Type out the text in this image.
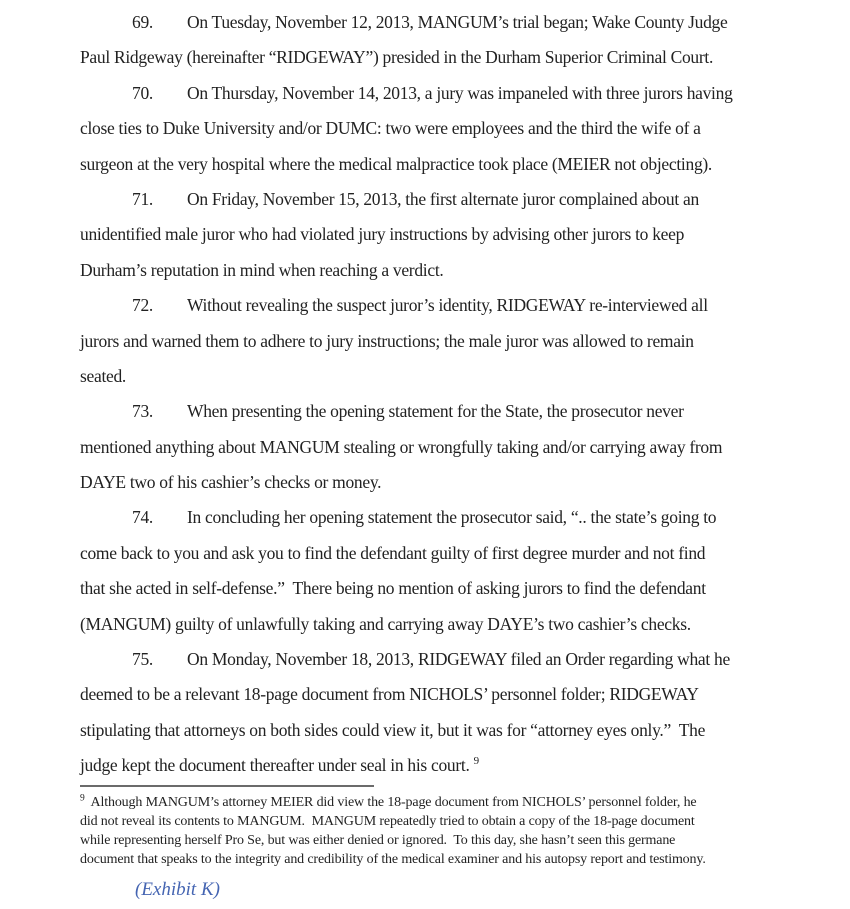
69. On Tuesday, November 12, 2013, MANGUM’s trial began; Wake County Judge
Paul Ridgeway (hereinafter “RIDGEWAY”) presided in the Durham Superior Criminal Court.
70. On Thursday, November 14, 2013, a jury was impaneled with three jurors having
close ties to Duke University and/or DUMC: two were employees and the third the wife of a
surgeon at the very hospital where the medical malpractice took place (MEIER not objecting).
71. On Friday, November 15, 2013, the first alternate juror complained about an
unidentified male juror who had violated jury instructions by advising other jurors to keep
Durham’s reputation in mind when reaching a verdict.
72. Without revealing the suspect juror’s identity, RIDGEWAY re-interviewed all
jurors and warned them to adhere to jury instructions; the male juror was allowed to remain
seated.
73. When presenting the opening statement for the State, the prosecutor never
mentioned anything about MANGUM stealing or wrongfully taking and/or carrying away from
DAYE two of his cashier’s checks or money.
74. In concluding her opening statement the prosecutor said, “.. the state’s going to
come back to you and ask you to find the defendant guilty of first degree murder and not find
that she acted in self-defense.”  There being no mention of asking jurors to find the defendant
(MANGUM) guilty of unlawfully taking and carrying away DAYE’s two cashier’s checks.
75. On Monday, November 18, 2013, RIDGEWAY filed an Order regarding what he
deemed to be a relevant 18-page document from NICHOLS’ personnel folder; RIDGEWAY
stipulating that attorneys on both sides could view it, but it was for “attorney eyes only.”  The
judge kept the document thereafter under seal in his court. $^9$
$^9$  Although MANGUM’s attorney MEIER did view the 18-page document from NICHOLS’ personnel folder, he
did not reveal its contents to MANGUM.  MANGUM repeatedly tried to obtain a copy of the 18-page document
while representing herself Pro Se, but was either denied or ignored.  To this day, she hasn’t seen this germane
document that speaks to the integrity and credibility of the medical examiner and his autopsy report and testimony.
(Exhibit K)
